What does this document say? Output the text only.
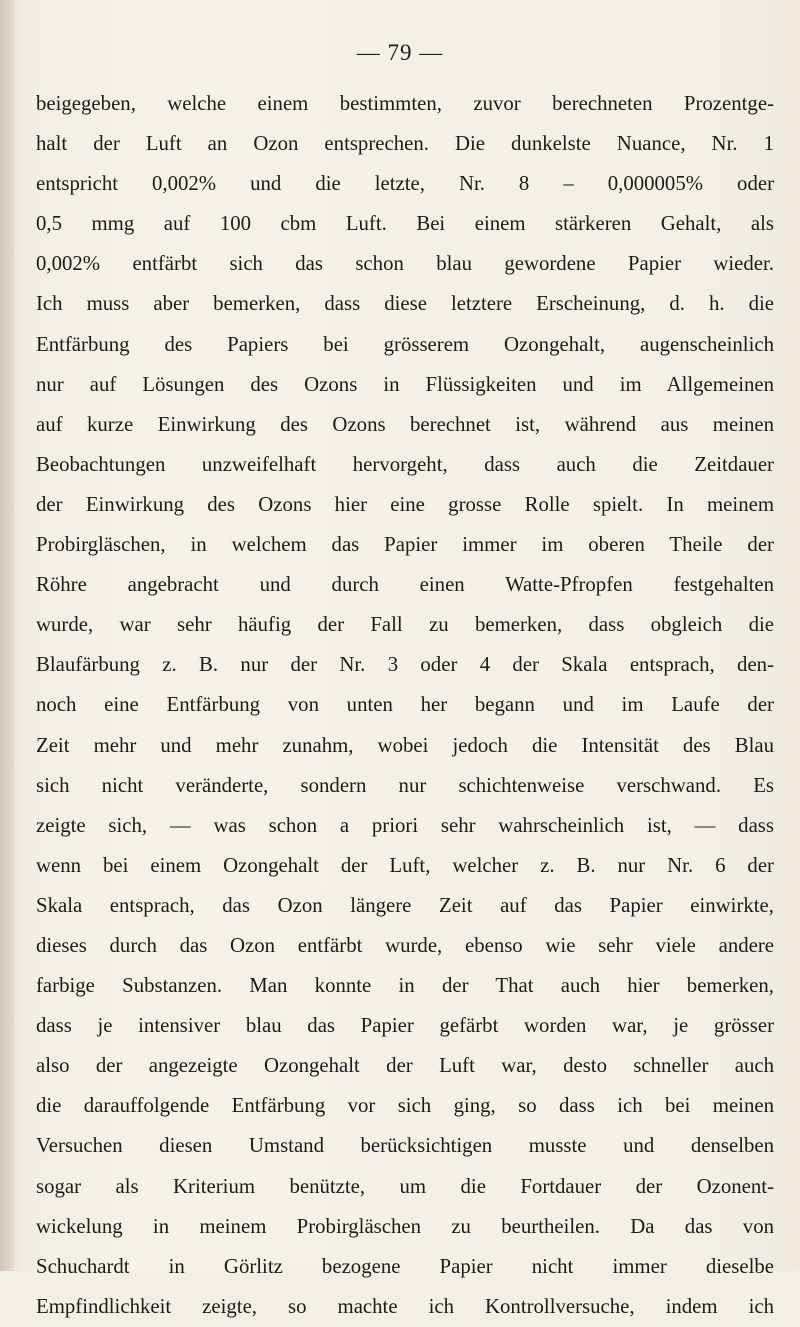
— 79 —
beigegeben, welche einem bestimmten, zuvor berechneten Prozentge-
halt der Luft an Ozon entsprechen. Die dunkelste Nuance, Nr. 1
entspricht 0,002% und die letzte, Nr. 8 – 0,000005% oder
0,5 mmg auf 100 cbm Luft. Bei einem stärkeren Gehalt, als
0,002% entfärbt sich das schon blau gewordene Papier wieder.
Ich muss aber bemerken, dass diese letztere Erscheinung, d. h. die
Entfärbung des Papiers bei grösserem Ozongehalt, augenscheinlich
nur auf Lösungen des Ozons in Flüssigkeiten und im Allgemeinen
auf kurze Einwirkung des Ozons berechnet ist, während aus meinen
Beobachtungen unzweifelhaft hervorgeht, dass auch die Zeitdauer
der Einwirkung des Ozons hier eine grosse Rolle spielt. In meinem
Probirgläschen, in welchem das Papier immer im oberen Theile der
Röhre angebracht und durch einen Watte-Pfropfen festgehalten
wurde, war sehr häufig der Fall zu bemerken, dass obgleich die
Blaufärbung z. B. nur der Nr. 3 oder 4 der Skala entsprach, den-
noch eine Entfärbung von unten her begann und im Laufe der
Zeit mehr und mehr zunahm, wobei jedoch die Intensität des Blau
sich nicht veränderte, sondern nur schichtenweise verschwand. Es
zeigte sich, — was schon a priori sehr wahrscheinlich ist, — dass
wenn bei einem Ozongehalt der Luft, welcher z. B. nur Nr. 6 der
Skala entsprach, das Ozon längere Zeit auf das Papier einwirkte,
dieses durch das Ozon entfärbt wurde, ebenso wie sehr viele andere
farbige Substanzen. Man konnte in der That auch hier bemerken,
dass je intensiver blau das Papier gefärbt worden war, je grösser
also der angezeigte Ozongehalt der Luft war, desto schneller auch
die darauffolgende Entfärbung vor sich ging, so dass ich bei meinen
Versuchen diesen Umstand berücksichtigen musste und denselben
sogar als Kriterium benützte, um die Fortdauer der Ozonent-
wickelung in meinem Probirgläschen zu beurtheilen. Da das von
Schuchardt in Görlitz bezogene Papier nicht immer dieselbe
Empfindlichkeit zeigte, so machte ich Kontrollversuche, indem ich
